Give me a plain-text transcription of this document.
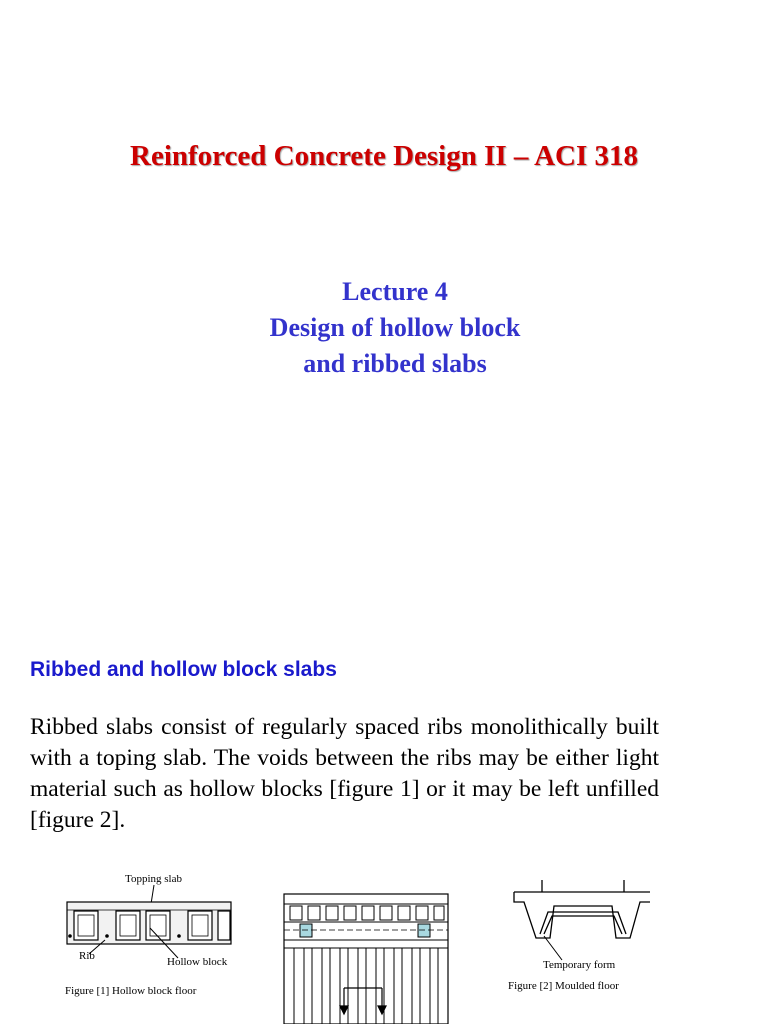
Reinforced Concrete Design II – ACI 318
Lecture 4
Design of hollow block
and ribbed slabs
Ribbed and hollow block slabs
Ribbed slabs consist of regularly spaced ribs monolithically built with a toping slab. The voids between the ribs may be either light material such as hollow blocks [figure 1] or it may be left unfilled [figure 2].
Topping slab
Rib	Hollow block
Figure [1] Hollow block floor
Temporary form
Figure [2] Moulded floor
